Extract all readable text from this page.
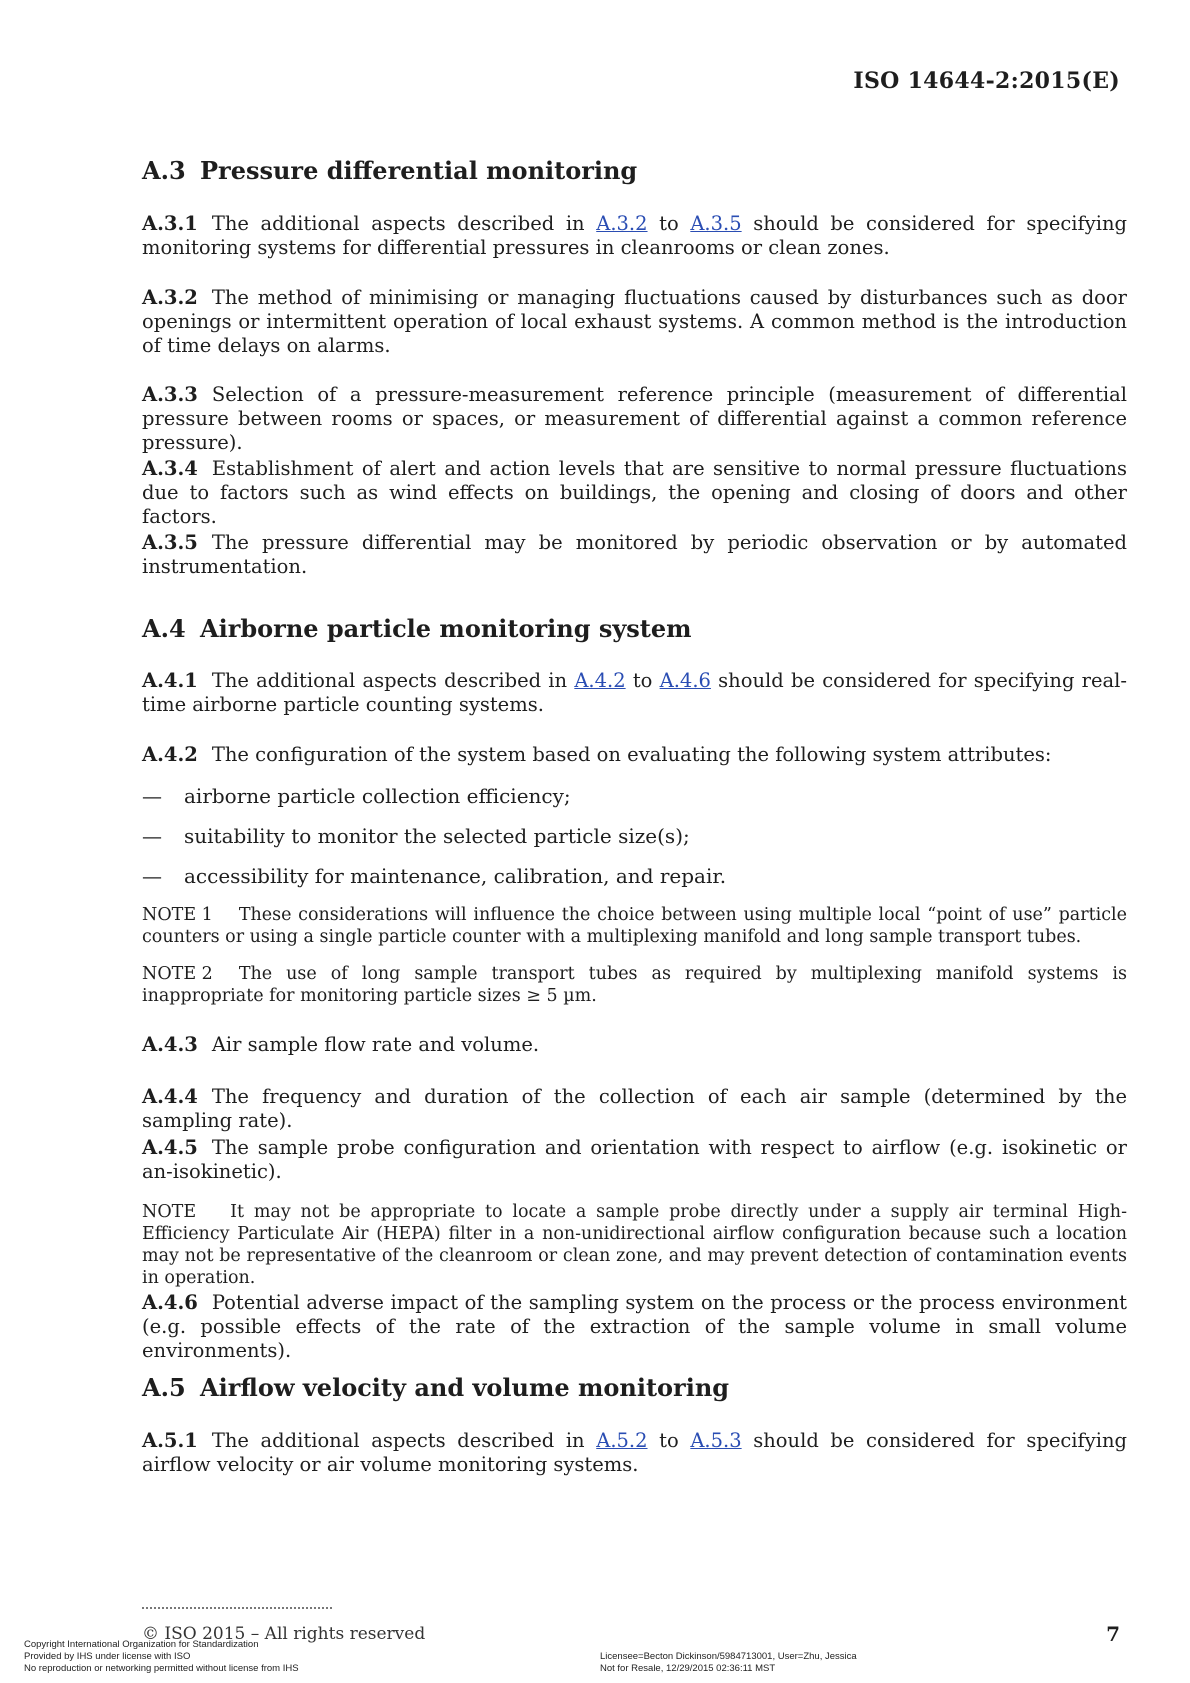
ISO 14644-2:2015(E)
A.3 Pressure differential monitoring

A.3.1 The additional aspects described in A.3.2 to A.3.5 should be considered for specifying monitoring systems for differential pressures in cleanrooms or clean zones.

A.3.2 The method of minimising or managing fluctuations caused by disturbances such as door openings or intermittent operation of local exhaust systems. A common method is the introduction of time delays on alarms.

A.3.3 Selection of a pressure-measurement reference principle (measurement of differential pressure between rooms or spaces, or measurement of differential against a common reference pressure).

A.3.4 Establishment of alert and action levels that are sensitive to normal pressure fluctuations due to factors such as wind effects on buildings, the opening and closing of doors and other factors.

A.3.5 The pressure differential may be monitored by periodic observation or by automated instrumentation.

A.4 Airborne particle monitoring system

A.4.1 The additional aspects described in A.4.2 to A.4.6 should be considered for specifying real-time airborne particle counting systems.

A.4.2 The configuration of the system based on evaluating the following system attributes:

— airborne particle collection efficiency;
— suitability to monitor the selected particle size(s);
— accessibility for maintenance, calibration, and repair.

NOTE 1 These considerations will influence the choice between using multiple local “point of use” particle counters or using a single particle counter with a multiplexing manifold and long sample transport tubes.

NOTE 2 The use of long sample transport tubes as required by multiplexing manifold systems is inappropriate for monitoring particle sizes ≥ 5 µm.

A.4.3 Air sample flow rate and volume.

A.4.4 The frequency and duration of the collection of each air sample (determined by the sampling rate).

A.4.5 The sample probe configuration and orientation with respect to airflow (e.g. isokinetic or an-isokinetic).

NOTE It may not be appropriate to locate a sample probe directly under a supply air terminal High-Efficiency Particulate Air (HEPA) filter in a non-unidirectional airflow configuration because such a location may not be representative of the cleanroom or clean zone, and may prevent detection of contamination events in operation.

A.4.6 Potential adverse impact of the sampling system on the process or the process environment (e.g. possible effects of the rate of the extraction of the sample volume in small volume environments).

A.5 Airflow velocity and volume monitoring

A.5.1 The additional aspects described in A.5.2 to A.5.3 should be considered for specifying airflow velocity or air volume monitoring systems.

© ISO 2015 – All rights reserved	7
Copyright International Organization for Standardization
Provided by IHS under license with ISO
No reproduction or networking permitted without license from IHS
Licensee=Becton Dickinson/5984713001, User=Zhu, Jessica
Not for Resale, 12/29/2015 02:36:11 MST
